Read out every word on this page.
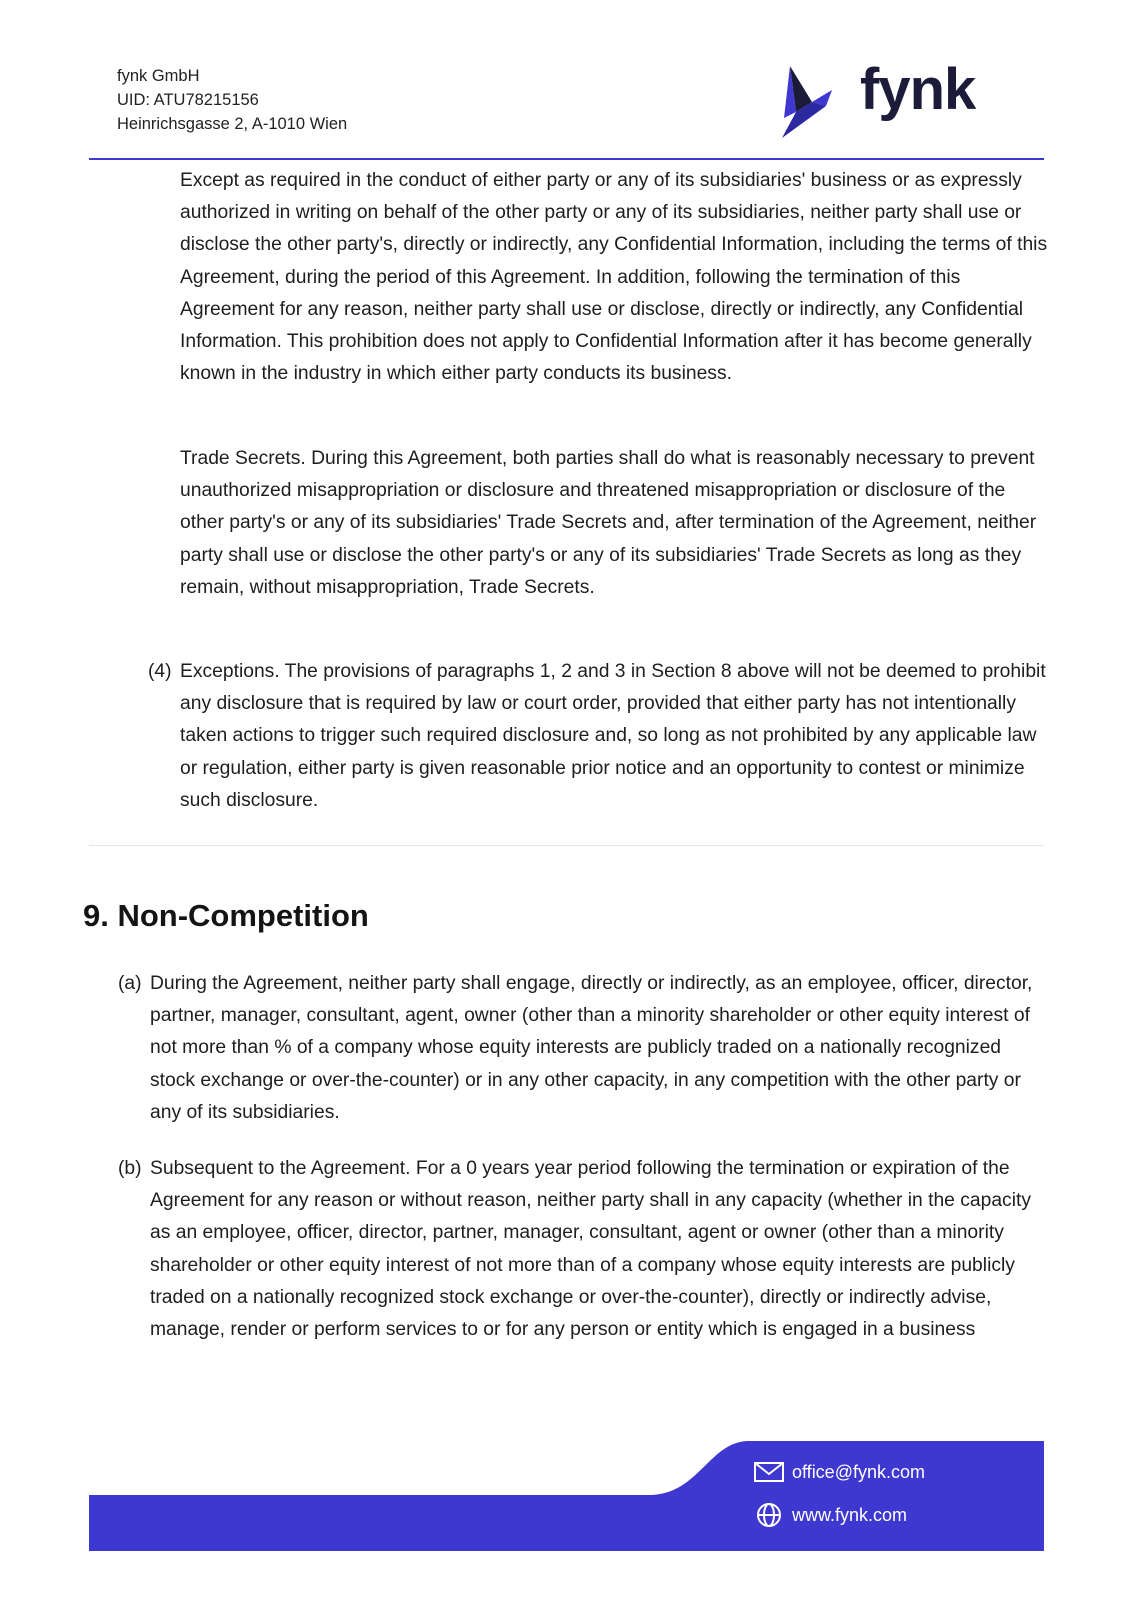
fynk GmbH
UID: ATU78215156
Heinrichsgasse 2, A-1010 Wien
fynk

Except as required in the conduct of either party or any of its subsidiaries' business or as expressly authorized in writing on behalf of the other party or any of its subsidiaries, neither party shall use or disclose the other party's, directly or indirectly, any Confidential Information, including the terms of this Agreement, during the period of this Agreement. In addition, following the termination of this Agreement for any reason, neither party shall use or disclose, directly or indirectly, any Confidential Information. This prohibition does not apply to Confidential Information after it has become generally known in the industry in which either party conducts its business.

Trade Secrets. During this Agreement, both parties shall do what is reasonably necessary to prevent unauthorized misappropriation or disclosure and threatened misappropriation or disclosure of the other party's or any of its subsidiaries' Trade Secrets and, after termination of the Agreement, neither party shall use or disclose the other party's or any of its subsidiaries' Trade Secrets as long as they remain, without misappropriation, Trade Secrets.

(4) Exceptions. The provisions of paragraphs 1, 2 and 3 in Section 8 above will not be deemed to prohibit any disclosure that is required by law or court order, provided that either party has not intentionally taken actions to trigger such required disclosure and, so long as not prohibited by any applicable law or regulation, either party is given reasonable prior notice and an opportunity to contest or minimize such disclosure.

9. Non-Competition
(a) During the Agreement, neither party shall engage, directly or indirectly, as an employee, officer, director, partner, manager, consultant, agent, owner (other than a minority shareholder or other equity interest of not more than % of a company whose equity interests are publicly traded on a nationally recognized stock exchange or over-the-counter) or in any other capacity, in any competition with the other party or any of its subsidiaries.

(b) Subsequent to the Agreement. For a 0 years year period following the termination or expiration of the Agreement for any reason or without reason, neither party shall in any capacity (whether in the capacity as an employee, officer, director, partner, manager, consultant, agent or owner (other than a minority shareholder or other equity interest of not more than of a company whose equity interests are publicly traded on a nationally recognized stock exchange or over-the-counter), directly or indirectly advise, manage, render or perform services to or for any person or entity which is engaged in a business

office@fynk.com
www.fynk.com
